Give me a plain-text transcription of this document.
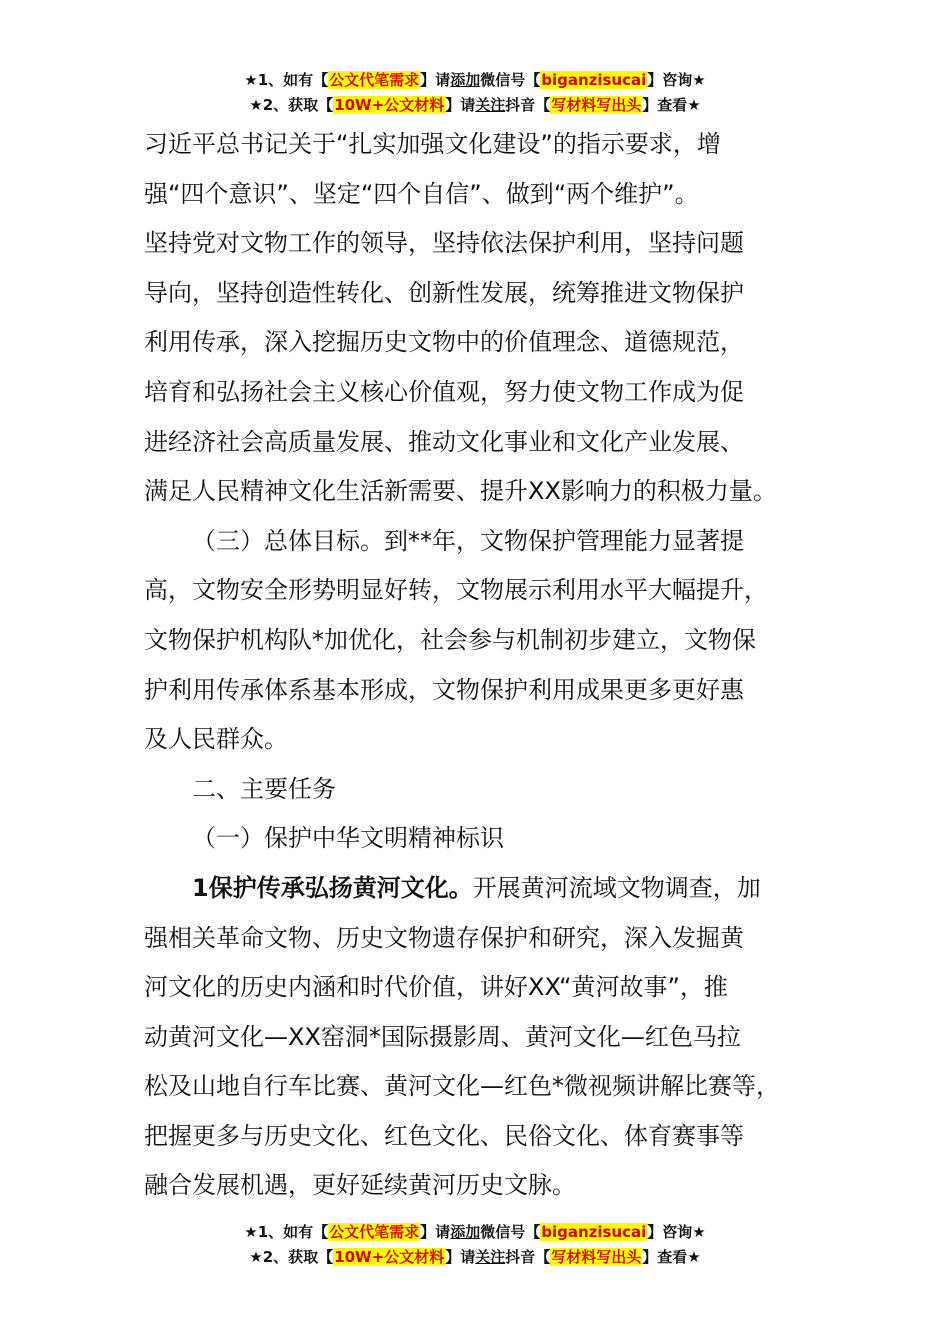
★1、如有【公文代笔需求】请添加微信号【biganzisucai】咨询★
★2、获取【10W+公文材料】请关注抖音【写材料写出头】查看★
习近平总书记关于“扎实加强文化建设”的指示要求，增
强“四个意识”、坚定“四个自信”、做到“两个维护”。
坚持党对文物工作的领导，坚持依法保护利用，坚持问题
导向，坚持创造性转化、创新性发展，统筹推进文物保护
利用传承，深入挖掘历史文物中的价值理念、道德规范，
培育和弘扬社会主义核心价值观，努力使文物工作成为促
进经济社会高质量发展、推动文化事业和文化产业发展、
满足人民精神文化生活新需要、提升XX影响力的积极力量。
（三）总体目标。到**年，文物保护管理能力显著提
高，文物安全形势明显好转，文物展示利用水平大幅提升，
文物保护机构队*加优化，社会参与机制初步建立，文物保
护利用传承体系基本形成，文物保护利用成果更多更好惠
及人民群众。
二、主要任务
（一）保护中华文明精神标识
1保护传承弘扬黄河文化。开展黄河流域文物调查，加
强相关革命文物、历史文物遗存保护和研究，深入发掘黄
河文化的历史内涵和时代价值，讲好XX“黄河故事”，推
动黄河文化—XX窑洞*国际摄影周、黄河文化—红色马拉
松及山地自行车比赛、黄河文化—红色*微视频讲解比赛等，
把握更多与历史文化、红色文化、民俗文化、体育赛事等
融合发展机遇，更好延续黄河历史文脉。
★1、如有【公文代笔需求】请添加微信号【biganzisucai】咨询★
★2、获取【10W+公文材料】请关注抖音【写材料写出头】查看★
